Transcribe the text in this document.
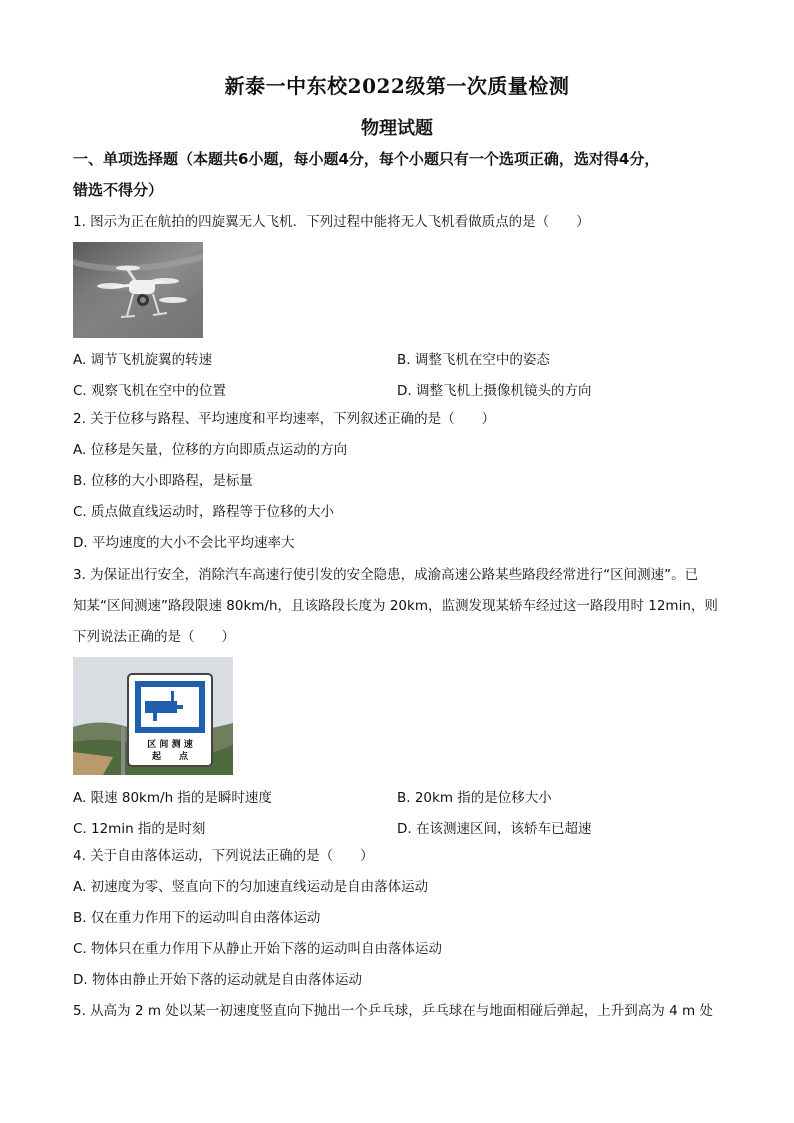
新泰一中东校2022级第一次质量检测
物理试题
一、单项选择题（本题共6小题，每小题4分，每个小题只有一个选项正确，选对得4分，
错选不得分）
1. 图示为正在航拍的四旋翼无人飞机．下列过程中能将无人飞机看做质点的是（　　）
A. 调节飞机旋翼的转速	B. 调整飞机在空中的姿态
C. 观察飞机在空中的位置	D. 调整飞机上摄像机镜头的方向
2. 关于位移与路程、平均速度和平均速率，下列叙述正确的是（　　）
A. 位移是矢量，位移的方向即质点运动的方向
B. 位移的大小即路程，是标量
C. 质点做直线运动时，路程等于位移的大小
D. 平均速度的大小不会比平均速率大
3. 为保证出行安全，消除汽车高速行使引发的安全隐患，成渝高速公路某些路段经常进行“区间测速”。已
知某“区间测速”路段限速 80km/h，且该路段长度为 20km，监测发现某轿车经过这一路段用时 12min，则
下列说法正确的是（　　）
区 间 测 速
起　　点
A. 限速 80km/h 指的是瞬时速度	B. 20km 指的是位移大小
C. 12min 指的是时刻	D. 在该测速区间，该轿车已超速
4. 关于自由落体运动，下列说法正确的是（　　）
A. 初速度为零、竖直向下的匀加速直线运动是自由落体运动
B. 仅在重力作用下的运动叫自由落体运动
C. 物体只在重力作用下从静止开始下落的运动叫自由落体运动
D. 物体由静止开始下落的运动就是自由落体运动
5. 从高为 2 m 处以某一初速度竖直向下抛出一个乒乓球，乒乓球在与地面相碰后弹起，上升到高为 4 m 处
